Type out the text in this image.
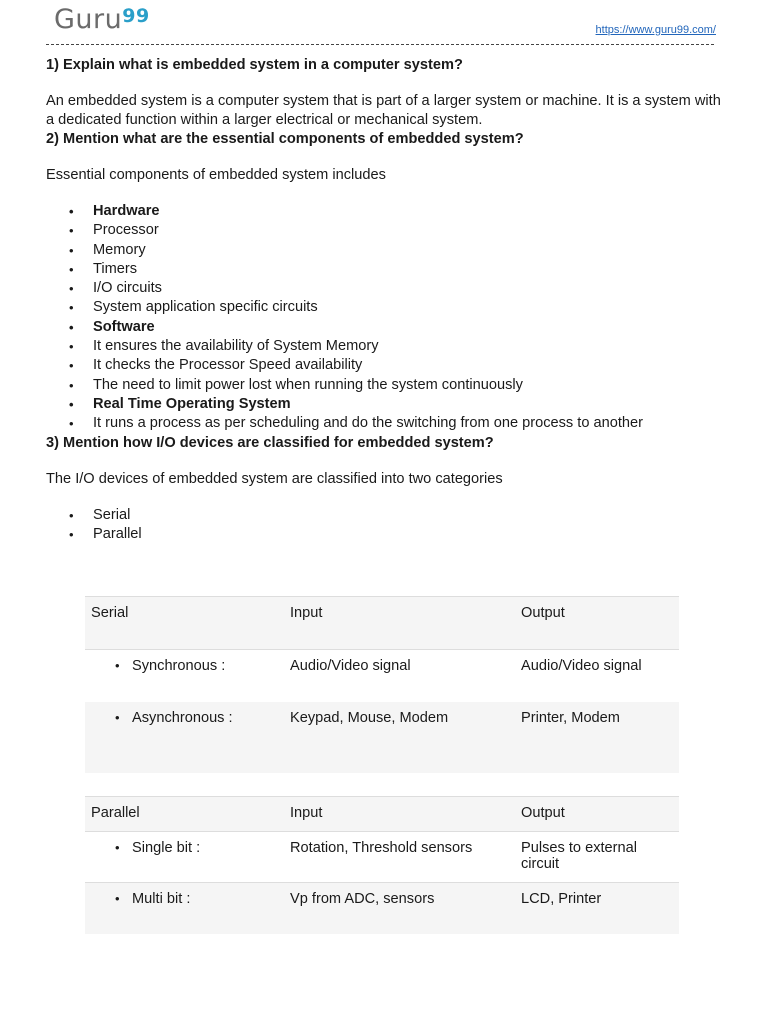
Guru$^{99}$
https://www.guru99.com/
1) Explain what is embedded system in a computer system?

An embedded system is a computer system that is part of a larger system or machine. It is a system with a dedicated function within a larger electrical or mechanical system.

2) Mention what are the essential components of embedded system?

Essential components of embedded system includes

• Hardware
• Processor
• Memory
• Timers
• I/O circuits
• System application specific circuits
• Software
• It ensures the availability of System Memory
• It checks the Processor Speed availability
• The need to limit power lost when running the system continuously
• Real Time Operating System
• It runs a process as per scheduling and do the switching from one process to another
3) Mention how I/O devices are classified for embedded system?

The I/O devices of embedded system are classified into two categories

• Serial
• Parallel
Serial	Input	Output
• Synchronous :	Audio/Video signal	Audio/Video signal
• Asynchronous :	Keypad, Mouse, Modem	Printer, Modem
Parallel	Input	Output
• Single bit :	Rotation, Threshold sensors	Pulses to external circuit
• Multi bit :	Vp from ADC, sensors	LCD, Printer
